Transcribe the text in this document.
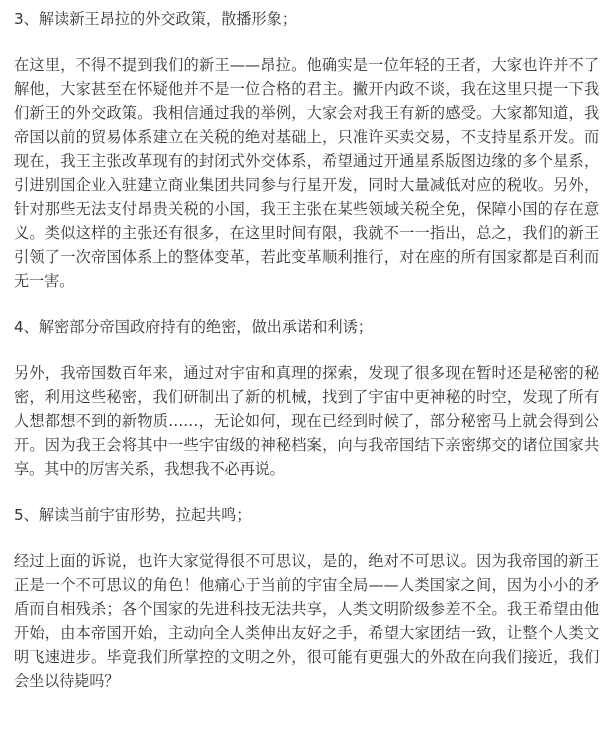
3、解读新王昂拉的外交政策，散播形象；

在这里，不得不提到我们的新王——昂拉。他确实是一位年轻的王者，大家也许并不了解他，大家甚至在怀疑他并不是一位合格的君主。撇开内政不谈，我在这里只提一下我们新王的外交政策。我相信通过我的举例，大家会对我王有新的感受。大家都知道，我帝国以前的贸易体系建立在关税的绝对基础上，只准许买卖交易，不支持星系开发。而现在，我王主张改革现有的封闭式外交体系，希望通过开通星系版图边缘的多个星系，引进别国企业入驻建立商业集团共同参与行星开发，同时大量减低对应的税收。另外，针对那些无法支付昂贵关税的小国，我王主张在某些领域关税全免，保障小国的存在意义。类似这样的主张还有很多，在这里时间有限，我就不一一指出，总之，我们的新王引领了一次帝国体系上的整体变革，若此变革顺利推行，对在座的所有国家都是百利而无一害。

4、解密部分帝国政府持有的绝密，做出承诺和利诱；

另外，我帝国数百年来，通过对宇宙和真理的探索，发现了很多现在暂时还是秘密的秘密，利用这些秘密，我们研制出了新的机械，找到了宇宙中更神秘的时空，发现了所有人想都想不到的新物质……，无论如何，现在已经到时候了，部分秘密马上就会得到公开。因为我王会将其中一些宇宙级的神秘档案，向与我帝国结下亲密绑交的诸位国家共享。其中的厉害关系，我想我不必再说。

5、解读当前宇宙形势，拉起共鸣；

经过上面的诉说，也许大家觉得很不可思议，是的，绝对不可思议。因为我帝国的新王正是一个不可思议的角色！他痛心于当前的宇宙全局——人类国家之间，因为小小的矛盾而自相残杀；各个国家的先进科技无法共享，人类文明阶级参差不全。我王希望由他开始，由本帝国开始，主动向全人类伸出友好之手，希望大家团结一致，让整个人类文明飞速进步。毕竟我们所掌控的文明之外，很可能有更强大的外敌在向我们接近，我们会坐以待毙吗？
